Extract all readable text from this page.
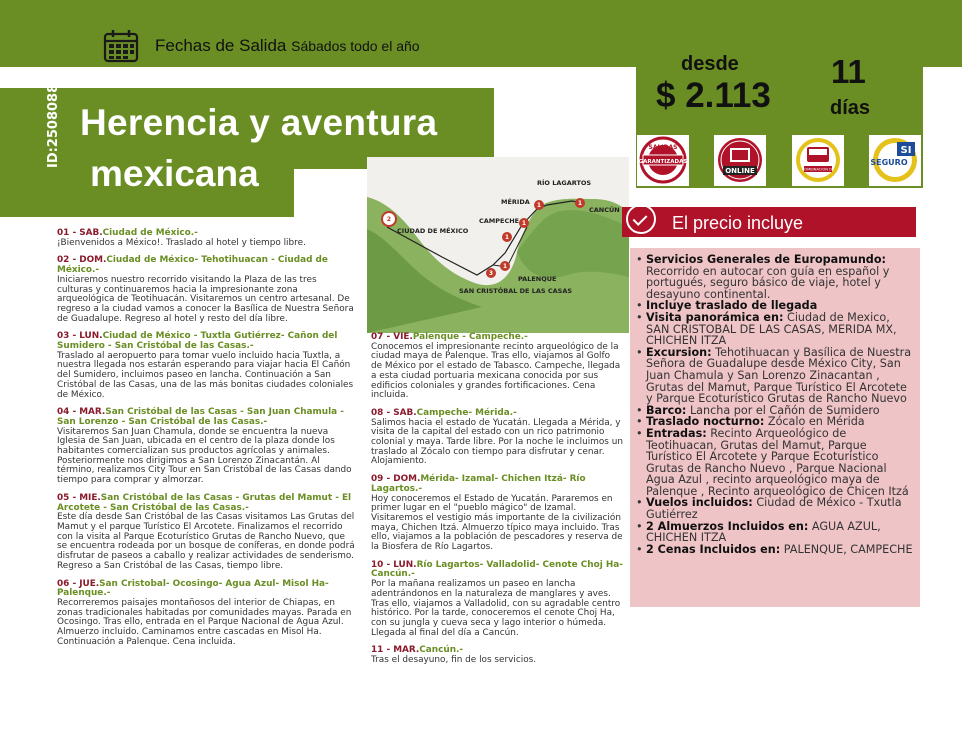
Fechas de Salida Sábados todo el año
ID:2508088 Herencia y aventura
mexicana
desde
$ 2.113
11
días
GARANTIZADAS
SALIDAS
ONLINE	COMBINACIÓN DE
SI
SEGURO
RÍO LAGARTOS
MÉRIDA
CANCÚN
CAMPECHE
CIUDAD DE MÉXICO
PALENQUE
SAN CRISTÓBAL DE LAS CASAS
1
1
1
1
1
3
2	El precio incluye
• Servicios Generales de Europamundo: Recorrido en autocar con guía en español y portugués, seguro básico de viaje, hotel y desayuno continental.
• Incluye traslado de llegada
• Visita panorámica en: Ciudad de Mexico, SAN CRISTOBAL DE LAS CASAS, MERIDA MX, CHICHEN ITZA
• Excursion: Tehotihuacan y Basílica de Nuestra Señora de Guadalupe desde México City, San Juan Chamula y San Lorenzo Zinacantan , Grutas del Mamut, Parque Turístico El Arcotete y Parque Ecoturístico Grutas de Rancho Nuevo
• Barco: Lancha por el Cañón de Sumidero
• Traslado nocturno: Zócalo en Mérida
• Entradas: Recinto Arqueológico de Teotihuacan, Grutas del Mamut, Parque Turístico El Arcotete y Parque Ecoturistico Grutas de Rancho Nuevo , Parque Nacional Agua Azul , recinto arqueológico maya de Palenque , Recinto arqueológico de Chicen Itzá
• Vuelos incluidos: Ciudad de México - Txutla Gutiérrez
• 2 Almuerzos Incluidos en: AGUA AZUL, CHICHEN ITZA
• 2 Cenas Incluidos en: PALENQUE, CAMPECHE
01 - SAB.Ciudad de México.-
¡Bienvenidos a México!. Traslado al hotel y tiempo libre.
02 - DOM.Ciudad de México- Tehotihuacan - Ciudad de México.-
Iniciaremos nuestro recorrido visitando la Plaza de las tres culturas y continuaremos hacia la impresionante zona arqueológica de Teotihuacán. Visitaremos un centro artesanal. De regreso a la ciudad vamos a conocer la Basílica de Nuestra Señora de Guadalupe. Regreso al hotel y resto del día libre.
03 - LUN.Ciudad de México - Tuxtla Gutiérrez- Cañon del Sumidero - San Cristóbal de las Casas.-
Traslado al aeropuerto para tomar vuelo incluido hacia Tuxtla, a nuestra llegada nos estarán esperando para viajar hacia El Cañón del Sumidero, incluimos paseo en lancha. Continuación a San Cristóbal de las Casas, una de las más bonitas ciudades coloniales de México.
04 - MAR.San Cristóbal de las Casas - San Juan Chamula - San Lorenzo - San Cristóbal de las Casas.-
Visitaremos San Juan Chamula, donde se encuentra la nueva Iglesia de San Juan, ubicada en el centro de la plaza donde los habitantes comercializan sus productos agrícolas y animales. Posteriormente nos dirigimos a San Lorenzo Zinacantán. Al término, realizamos City Tour en San Cristóbal de las Casas dando tiempo para comprar y almorzar.
05 - MIE.San Cristóbal de las Casas - Grutas del Mamut - El Arcotete - San Cristóbal de las Casas.-
Este día desde San Cristóbal de las Casas visitamos Las Grutas del Mamut y el parque Turístico El Arcotete. Finalizamos el recorrido con la visita al Parque Ecoturístico Grutas de Rancho Nuevo, que se encuentra rodeada por un bosque de coníferas, en donde podrá disfrutar de paseos a caballo y realizar actividades de senderismo. Regreso a San Cristóbal de las Casas, tiempo libre.
06 - JUE.San Cristobal- Ocosingo- Agua Azul- Misol Ha- Palenque.-
Recorreremos paisajes montañosos del interior de Chiapas, en zonas tradicionales habitadas por comunidades mayas. Parada en Ocosingo. Tras ello, entrada en el Parque Nacional de Agua Azul. Almuerzo incluido. Caminamos entre cascadas en Misol Ha. Continuación a Palenque. Cena incluida.
07 - VIE.Palenque - Campeche.-
Conocemos el impresionante recinto arqueológico de la ciudad maya de Palenque. Tras ello, viajamos al Golfo de México por el estado de Tabasco. Campeche, llegada a esta ciudad portuaria mexicana conocida por sus edificios coloniales y grandes fortificaciones. Cena incluida.
08 - SAB.Campeche- Mérida.-
Salimos hacia el estado de Yucatán. Llegada a Mérida, y visita de la capital del estado con un rico patrimonio colonial y maya. Tarde libre. Por la noche le incluimos un traslado al Zócalo con tiempo para disfrutar y cenar. Alojamiento.
09 - DOM.Mérida- Izamal- Chichen Itzá- Río Lagartos.-
Hoy conoceremos el Estado de Yucatán. Pararemos en primer lugar en el "pueblo mágico" de Izamal. Visitaremos el vestigio más importante de la civilización maya, Chichen Itzá. Almuerzo típico maya incluido. Tras ello, viajamos a la población de pescadores y reserva de la Biosfera de Río Lagartos.
10 - LUN.Río Lagartos- Valladolid- Cenote Choj Ha- Cancún.-
Por la mañana realizamos un paseo en lancha adentrándonos en la naturaleza de manglares y aves. Tras ello, viajamos a Valladolid, con su agradable centro histórico. Por la tarde, conoceremos el cenote Choj Ha, con su jungla y cueva seca y lago interior o húmeda. Llegada al final del día a Cancún.
11 - MAR.Cancún.-
Tras el desayuno, fin de los servicios.
